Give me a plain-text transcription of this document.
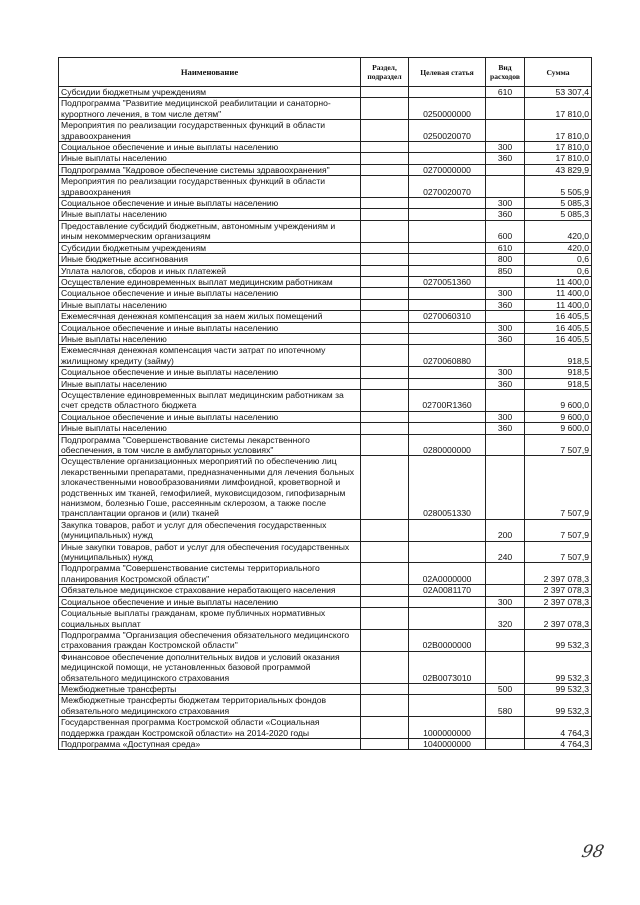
Наименование	Раздел, подраздел	Целевая статья	Вид расходов	Сумма
Субсидии бюджетным учреждениям			610	53 307,4
Подпрограмма "Развитие медицинской реабилитации и санаторно-курортного лечения, в том числе детям"		0250000000		17 810,0
Мероприятия по реализации государственных функций в области здравоохранения		0250020070		17 810,0
Социальное обеспечение и иные выплаты населению			300	17 810,0
Иные выплаты населению			360	17 810,0
Подпрограмма "Кадровое обеспечение системы здравоохранения"		0270000000		43 829,9
Мероприятия по реализации государственных функций в области здравоохранения		0270020070		5 505,9
Социальное обеспечение и иные выплаты населению			300	5 085,3
Иные выплаты населению			360	5 085,3
Предоставление субсидий бюджетным, автономным учреждениям и иным некоммерческим организациям			600	420,0
Субсидии бюджетным учреждениям			610	420,0
Иные бюджетные ассигнования			800	0,6
Уплата налогов, сборов и иных платежей			850	0,6
Осуществление единовременных выплат медицинским работникам		0270051360		11 400,0
Социальное обеспечение и иные выплаты населению			300	11 400,0
Иные выплаты населению			360	11 400,0
Ежемесячная денежная компенсация за наем жилых помещений		0270060310		16 405,5
Социальное обеспечение и иные выплаты населению			300	16 405,5
Иные выплаты населению			360	16 405,5
Ежемесячная денежная компенсация части затрат по ипотечному жилищному кредиту (займу)		0270060880		918,5
Социальное обеспечение и иные выплаты населению			300	918,5
Иные выплаты населению			360	918,5
Осуществление единовременных выплат медицинским работникам за счет средств областного бюджета		02700R1360		9 600,0
Социальное обеспечение и иные выплаты населению			300	9 600,0
Иные выплаты населению			360	9 600,0
Подпрограмма "Совершенствование системы лекарственного обеспечения, в том числе в амбулаторных условиях"		0280000000		7 507,9
Осуществление организационных мероприятий по обеспечению лиц лекарственными препаратами, предназначенными для лечения больных злокачественными новообразованиями лимфоидной, кроветворной и родственных им тканей, гемофилией, муковисцидозом, гипофизарным нанизмом, болезнью Гоше, рассеянным склерозом, а также после трансплантации органов и (или) тканей		0280051330		7 507,9
Закупка товаров, работ и услуг для обеспечения государственных (муниципальных) нужд			200	7 507,9
Иные закупки товаров, работ и услуг для обеспечения государственных (муниципальных) нужд			240	7 507,9
Подпрограмма "Совершенствование системы территориального планирования Костромской области"		02А0000000		2 397 078,3
Обязательное медицинское страхование неработающего населения		02А0081170		2 397 078,3
Социальное обеспечение и иные выплаты населению			300	2 397 078,3
Социальные выплаты гражданам, кроме публичных нормативных социальных выплат			320	2 397 078,3
Подпрограмма "Организация обеспечения обязательного медицинского страхования граждан Костромской области"		02В0000000		99 532,3
Финансовое обеспечение дополнительных видов и условий оказания медицинской помощи, не установленных базовой программой обязательного медицинского страхования		02В0073010		99 532,3
Межбюджетные трансферты			500	99 532,3
Межбюджетные трансферты бюджетам территориальных фондов обязательного медицинского страхования			580	99 532,3
Государственная программа Костромской области «Социальная поддержка граждан Костромской области» на 2014-2020 годы		1000000000		4 764,3
Подпрограмма «Доступная среда»		1040000000		4 764,3
98
